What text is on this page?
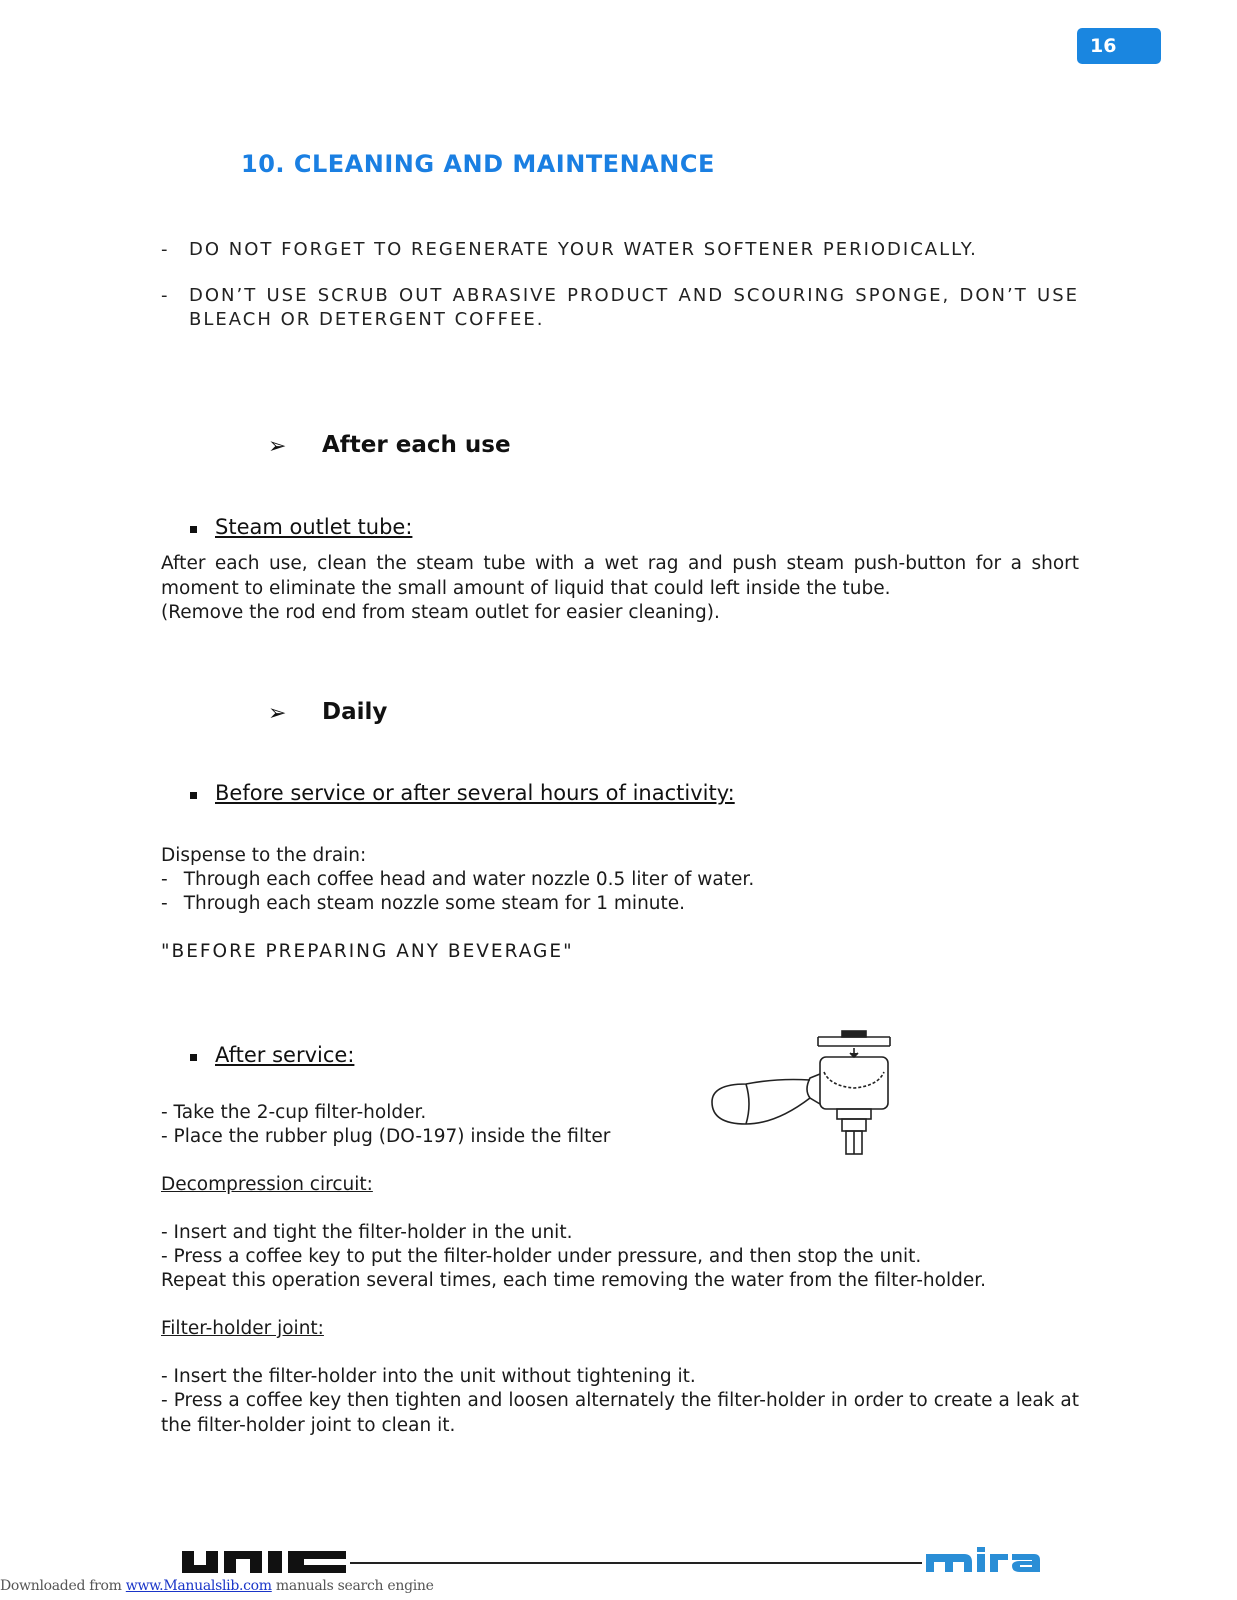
16
10. CLEANING AND MAINTENANCE
- DO NOT FORGET TO REGENERATE YOUR WATER SOFTENER PERIODICALLY.
- DON’T USE SCRUB OUT ABRASIVE PRODUCT AND SCOURING SPONGE, DON’T USE BLEACH OR DETERGENT COFFEE.
➢ After each use
Steam outlet tube:
After each use, clean the steam tube with a wet rag and push steam push-button for a short moment to eliminate the small amount of liquid that could left inside the tube.
(Remove the rod end from steam outlet for easier cleaning).
➢ Daily
Before service or after several hours of inactivity:
Dispense to the drain:
- Through each coffee head and water nozzle 0.5 liter of water.
- Through each steam nozzle some steam for 1 minute.
"BEFORE PREPARING ANY BEVERAGE"
After service:
- Take the 2-cup filter-holder.
- Place the rubber plug (DO-197) inside the filter
Decompression circuit:
- Insert and tight the filter-holder in the unit.
- Press a coffee key to put the filter-holder under pressure, and then stop the unit.
Repeat this operation several times, each time removing the water from the filter-holder.
Filter-holder joint:
- Insert the filter-holder into the unit without tightening it.
- Press a coffee key then tighten and loosen alternately the filter-holder in order to create a leak at the filter-holder joint to clean it.
Downloaded from www.Manualslib.com manuals search engine
